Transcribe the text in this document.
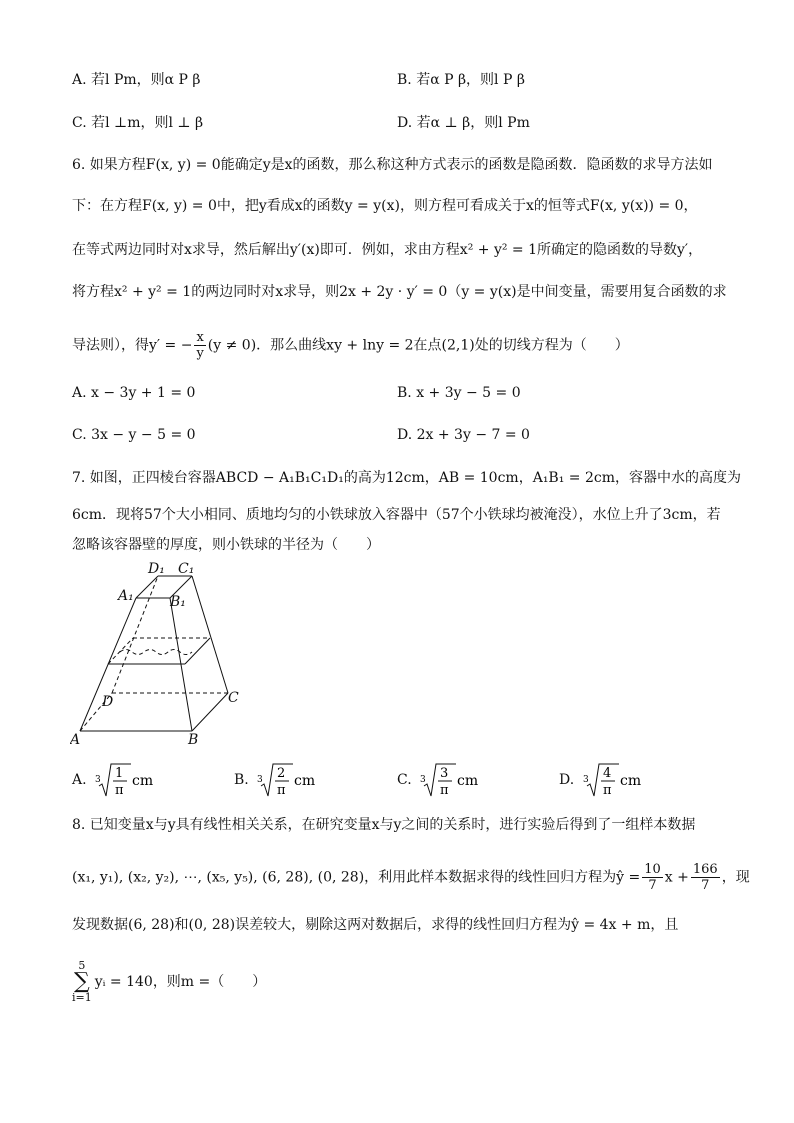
A. 若l Pm，则α P β	B. 若α P β，则l P β
C. 若l ⊥m，则l ⊥ β	D. 若α ⊥ β，则l Pm
6. 如果方程F(x, y) = 0能确定y是x的函数，那么称这种方式表示的函数是隐函数．隐函数的求导方法如
下：在方程F(x, y) = 0中，把y看成x的函数y = y(x)，则方程可看成关于x的恒等式F(x, y(x)) = 0，
在等式两边同时对x求导，然后解出y′(x)即可．例如，求由方程x² + y² = 1所确定的隐函数的导数y′，
将方程x² + y² = 1的两边同时对x求导，则2x + 2y · y′ = 0（y = y(x)是中间变量，需要用复合函数的求
导法则），得y′ = − $\frac{x}{y} (y \ne 0)$．那么曲线xy + lny = 2在点(2,1)处的切线方程为（　　）
A. x − 3y + 1 = 0	B. x + 3y − 5 = 0
C. 3x − y − 5 = 0	D. 2x + 3y − 7 = 0
7. 如图，正四棱台容器ABCD − A₁B₁C₁D₁的高为12cm，AB = 10cm，A₁B₁ = 2cm，容器中水的高度为
6cm．现将57个大小相同、质地均匀的小铁球放入容器中（57个小铁球均被淹没），水位上升了3cm，若
忽略该容器壁的厚度，则小铁球的半径为（　　）
A	B
C
D
A₁	B₁
C₁
D₁
A. 3 1
π
cm	B. 3 2
π
cm	C. 3 3
π
cm	D. 3 4
π
cm
8. 已知变量x与y具有线性相关关系，在研究变量x与y之间的关系时，进行实验后得到了一组样本数据
(x₁, y₁), (x₂, y₂), ⋯, (x₅, y₅), (6, 28), (0, 28)，利用此样本数据求得的线性回归方程为ŷ = $\frac{10}{7}$ $x + \frac{166}{7}$ ，现
发现数据(6, 28)和(0, 28)误差较大，剔除这两对数据后，求得的线性回归方程为ŷ = 4x + m，且
5
∑
i=1yᵢ = 140，则m =（　　）
